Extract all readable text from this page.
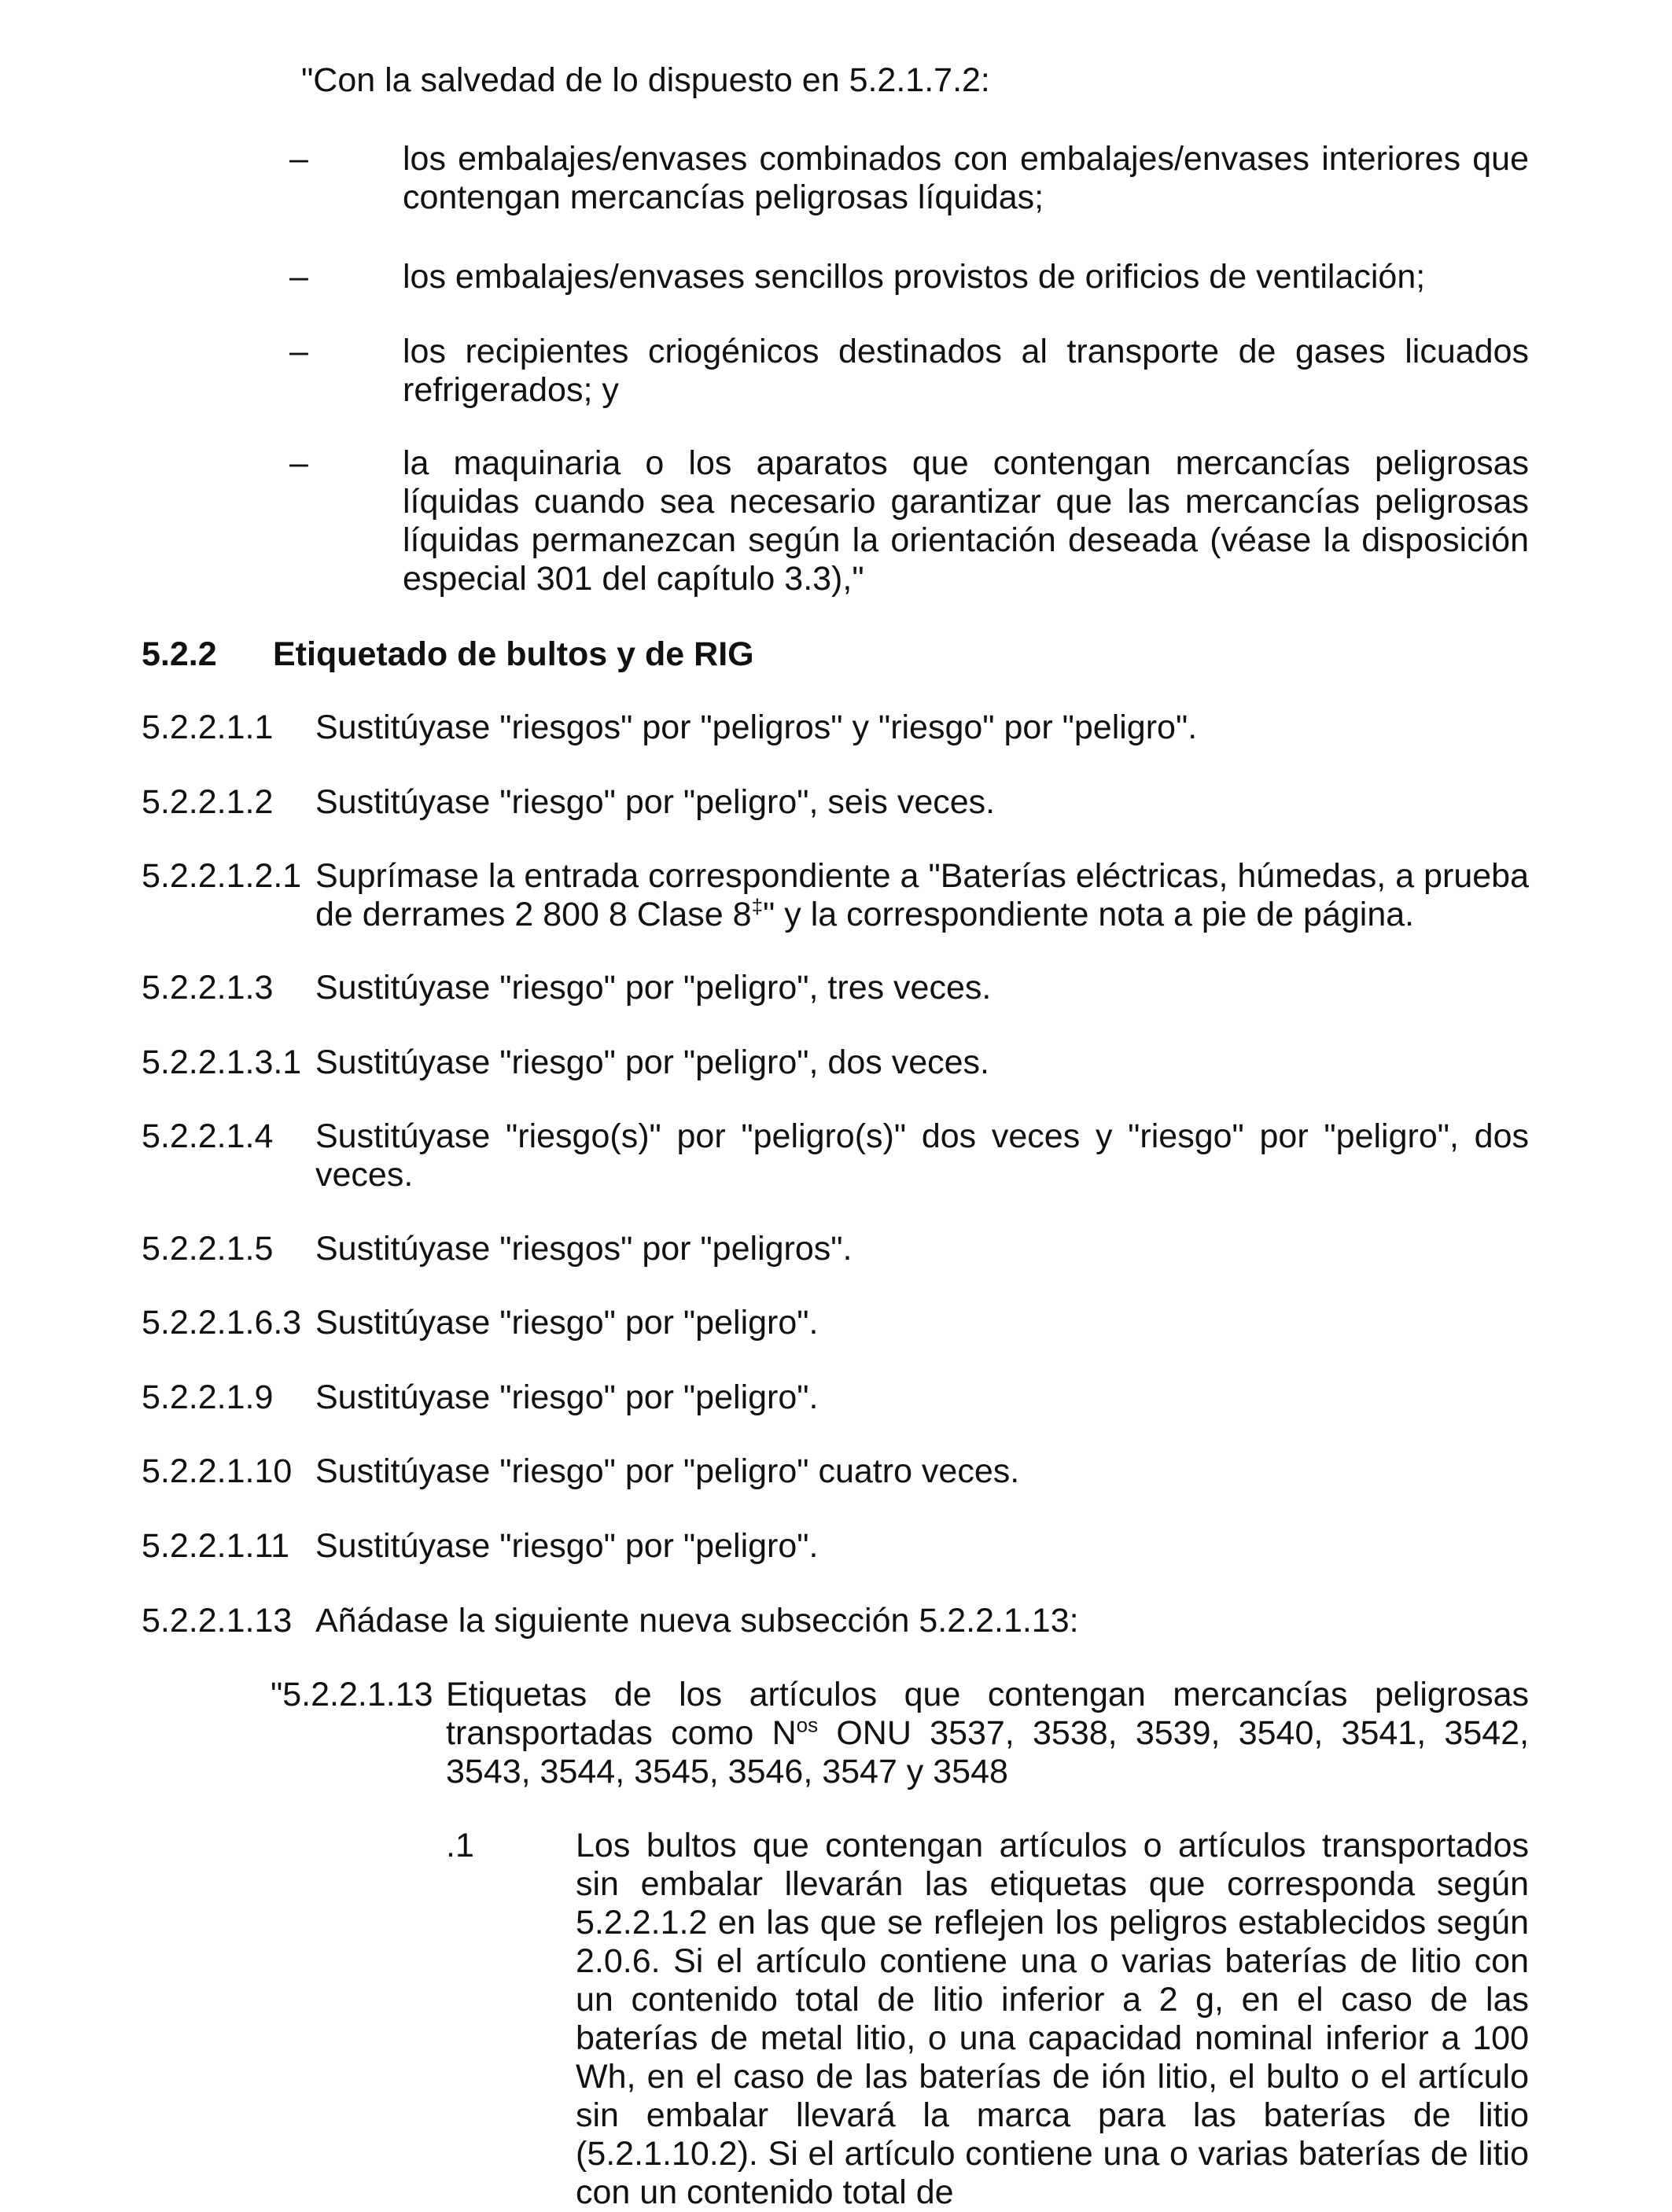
"Con la salvedad de lo dispuesto en 5.2.1.7.2:
–	los embalajes/envases combinados con embalajes/envases interiores que contengan mercancías peligrosas líquidas;
–	los embalajes/envases sencillos provistos de orificios de ventilación;
–	los recipientes criogénicos destinados al transporte de gases licuados refrigerados; y
–	la maquinaria o los aparatos que contengan mercancías peligrosas líquidas cuando sea necesario garantizar que las mercancías peligrosas líquidas permanezcan según la orientación deseada (véase la disposición especial 301 del capítulo 3.3),"
5.2.2 Etiquetado de bultos y de RIG
5.2.2.1.1 Sustitúyase "riesgos" por "peligros" y "riesgo" por "peligro".
5.2.2.1.2 Sustitúyase "riesgo" por "peligro", seis veces.
5.2.2.1.2.1 Suprímase la entrada correspondiente a "Baterías eléctricas, húmedas, a prueba de derrames 2 800 8 Clase 8‡" y la correspondiente nota a pie de página.
5.2.2.1.3 Sustitúyase "riesgo" por "peligro", tres veces.
5.2.2.1.3.1 Sustitúyase "riesgo" por "peligro", dos veces.
5.2.2.1.4 Sustitúyase "riesgo(s)" por "peligro(s)" dos veces y "riesgo" por "peligro", dos veces.
5.2.2.1.5 Sustitúyase "riesgos" por "peligros".
5.2.2.1.6.3 Sustitúyase "riesgo" por "peligro".
5.2.2.1.9 Sustitúyase "riesgo" por "peligro".
5.2.2.1.10 Sustitúyase "riesgo" por "peligro" cuatro veces.
5.2.2.1.11 Sustitúyase "riesgo" por "peligro".
5.2.2.1.13 Añádase la siguiente nueva subsección 5.2.2.1.13:
"5.2.2.1.13 Etiquetas de los artículos que contengan mercancías peligrosas transportadas como $N^{os}$ ONU 3537, 3538, 3539, 3540, 3541, 3542, 3543, 3544, 3545, 3546, 3547 y 3548
.1	Los bultos que contengan artículos o artículos transportados sin embalar llevarán las etiquetas que corresponda según 5.2.2.1.2 en las que se reflejen los peligros establecidos según 2.0.6. Si el artículo contiene una o varias baterías de litio con un contenido total de litio inferior a 2 g, en el caso de las baterías de metal litio, o una capacidad nominal inferior a 100 Wh, en el caso de las baterías de ión litio, el bulto o el artículo sin embalar llevará la marca para las baterías de litio (5.2.1.10.2). Si el artículo contiene una o varias baterías de litio con un contenido total de
